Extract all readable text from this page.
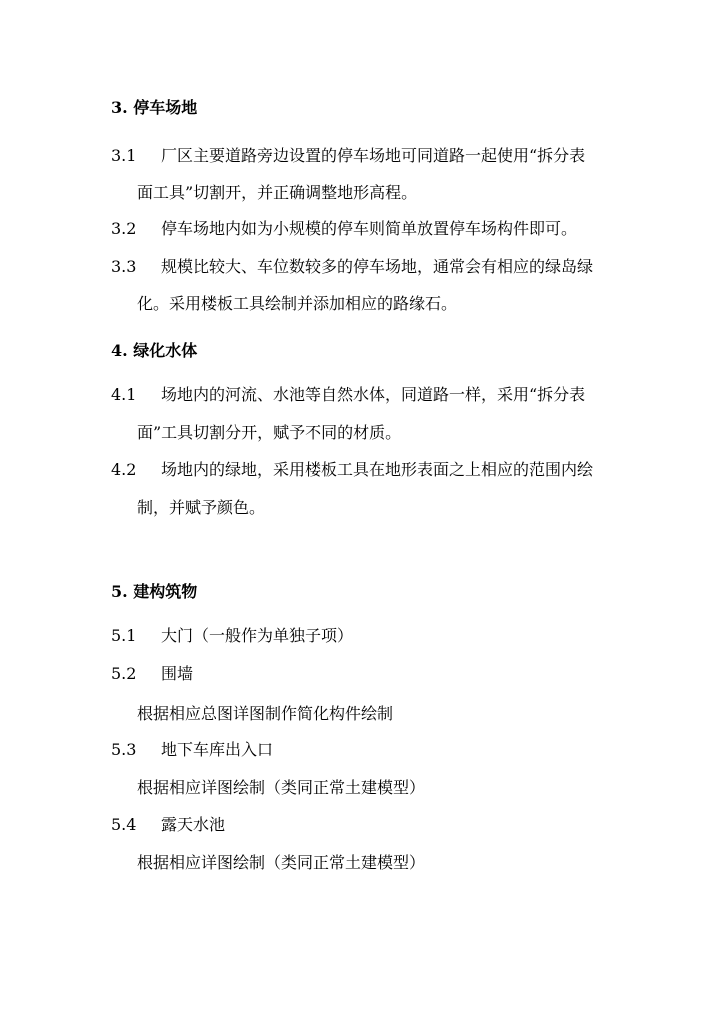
3. 停车场地
3.1	厂区主要道路旁边设置的停车场地可同道路一起使用“拆分表
面工具”切割开，并正确调整地形高程。
3.2	停车场地内如为小规模的停车则简单放置停车场构件即可。
3.3	规模比较大、车位数较多的停车场地，通常会有相应的绿岛绿
化。采用楼板工具绘制并添加相应的路缘石。
4. 绿化水体
4.1	场地内的河流、水池等自然水体，同道路一样，采用“拆分表
面”工具切割分开，赋予不同的材质。
4.2	场地内的绿地，采用楼板工具在地形表面之上相应的范围内绘
制，并赋予颜色。
5. 建构筑物
5.1	大门（一般作为单独子项）
5.2	围墙
根据相应总图详图制作简化构件绘制
5.3	地下车库出入口
根据相应详图绘制（类同正常土建模型）
5.4	露天水池
根据相应详图绘制（类同正常土建模型）
